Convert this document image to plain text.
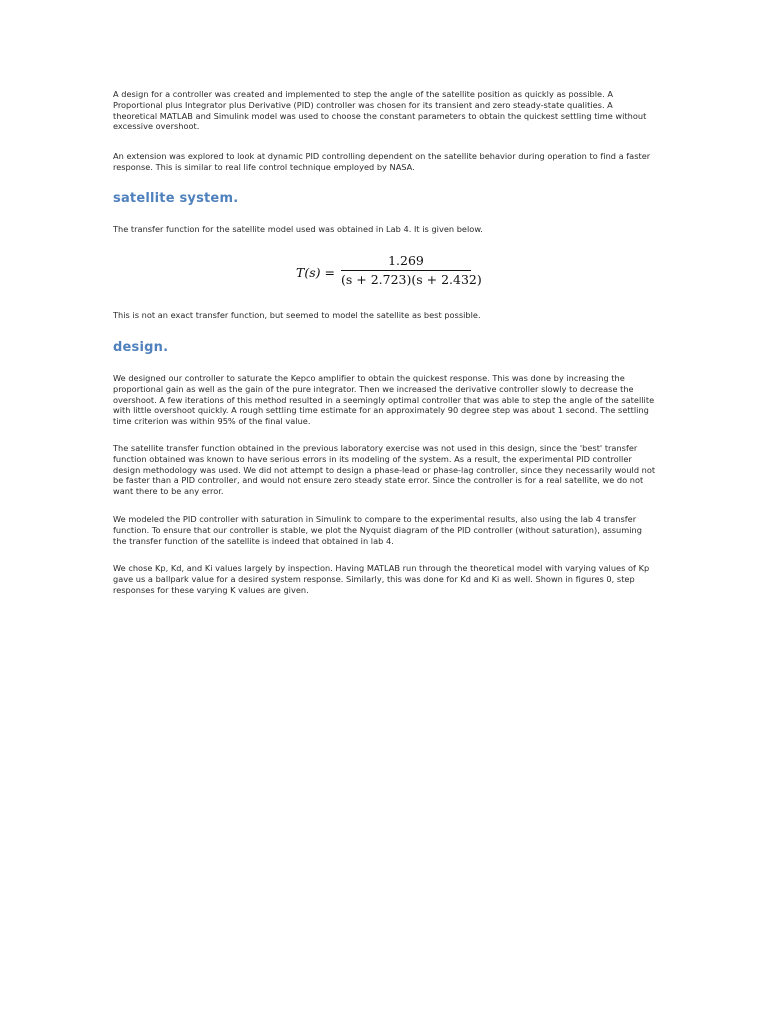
A design for a controller was created and implemented to step the angle of the satellite position as quickly as possible. A Proportional plus Integrator plus Derivative (PID) controller was chosen for its transient and zero steady-state qualities. A theoretical MATLAB and Simulink model was used to choose the constant parameters to obtain the quickest settling time without excessive overshoot.

An extension was explored to look at dynamic PID controlling dependent on the satellite behavior during operation to find a faster response. This is similar to real life control technique employed by NASA.

satellite system.

The transfer function for the satellite model used was obtained in Lab 4. It is given below.

T(s) =
1.269
(s + 2.723)(s + 2.432)

This is not an exact transfer function, but seemed to model the satellite as best possible.

design.

We designed our controller to saturate the Kepco amplifier to obtain the quickest response. This was done by increasing the proportional gain as well as the gain of the pure integrator. Then we increased the derivative controller slowly to decrease the overshoot. A few iterations of this method resulted in a seemingly optimal controller that was able to step the angle of the satellite with little overshoot quickly. A rough settling time estimate for an approximately 90 degree step was about 1 second. The settling time criterion was within 95% of the final value.

The satellite transfer function obtained in the previous laboratory exercise was not used in this design, since the 'best' transfer function obtained was known to have serious errors in its modeling of the system. As a result, the experimental PID controller design methodology was used. We did not attempt to design a phase-lead or phase-lag controller, since they necessarily would not be faster than a PID controller, and would not ensure zero steady state error. Since the controller is for a real satellite, we do not want there to be any error.

We modeled the PID controller with saturation in Simulink to compare to the experimental results, also using the lab 4 transfer function. To ensure that our controller is stable, we plot the Nyquist diagram of the PID controller (without saturation), assuming the transfer function of the satellite is indeed that obtained in lab 4.

We chose Kp, Kd, and Ki values largely by inspection. Having MATLAB run through the theoretical model with varying values of Kp gave us a ballpark value for a desired system response. Similarly, this was done for Kd and Ki as well. Shown in figures 0, step responses for these varying K values are given.
